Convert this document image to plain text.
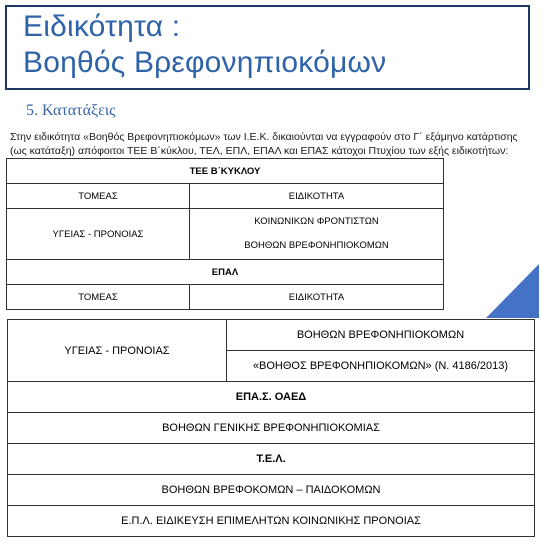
Ειδικότητα :
Βοηθός Βρεφονηπιοκόμων
5. Κατατάξεις
Στην ειδικότητα «Βοηθός Βρεφονηπιοκόμων» των Ι.Ε.Κ. δικαιούνται να εγγραφούν στο Γ΄ εξάμηνο κατάρτισης (ως κατάταξη) απόφοιτοι ΤΕΕ Β΄κύκλου, ΤΕΛ, ΕΠΛ, ΕΠΑΛ και ΕΠΑΣ κάτοχοι Πτυχίου των εξής ειδικοτήτων:
ΤΕΕ Β΄ΚΥΚΛΟΥ	
ΤΟΜΕΑΣ	ΕΙΔΙΚΟΤΗΤΑ
ΥΓΕΙΑΣ - ΠΡΟΝΟΙΑΣ	ΚΟΙΝΩΝΙΚΩΝ ΦΡΟΝΤΙΣΤΩΝ
ΒΟΗΘΩΝ ΒΡΕΦΟΝΗΠΙΟΚΟΜΩΝ

ΕΠΑΛ	
ΤΟΜΕΑΣ	ΕΙΔΙΚΟΤΗΤΑ
ΥΓΕΙΑΣ - ΠΡΟΝΟΙΑΣ	ΒΟΗΘΩΝ ΒΡΕΦΟΝΗΠΙΟΚΟΜΩΝ
«ΒΟΗΘΟΣ ΒΡΕΦΟΝΗΠΙΟΚΟΜΩΝ» (Ν. 4186/2013)
ΕΠΑ.Σ. ΟΑΕΔ
ΒΟΗΘΩΝ ΓΕΝΙΚΗΣ ΒΡΕΦΟΝΗΠΙΟΚΟΜΙΑΣ
Τ.Ε.Λ.
ΒΟΗΘΩΝ ΒΡΕΦΟΚΟΜΩΝ – ΠΑΙΔΟΚΟΜΩΝ
Ε.Π.Λ. ΕΙΔΙΚΕΥΣΗ ΕΠΙΜΕΛΗΤΩΝ ΚΟΙΝΩΝΙΚΗΣ ΠΡΟΝΟΙΑΣ
